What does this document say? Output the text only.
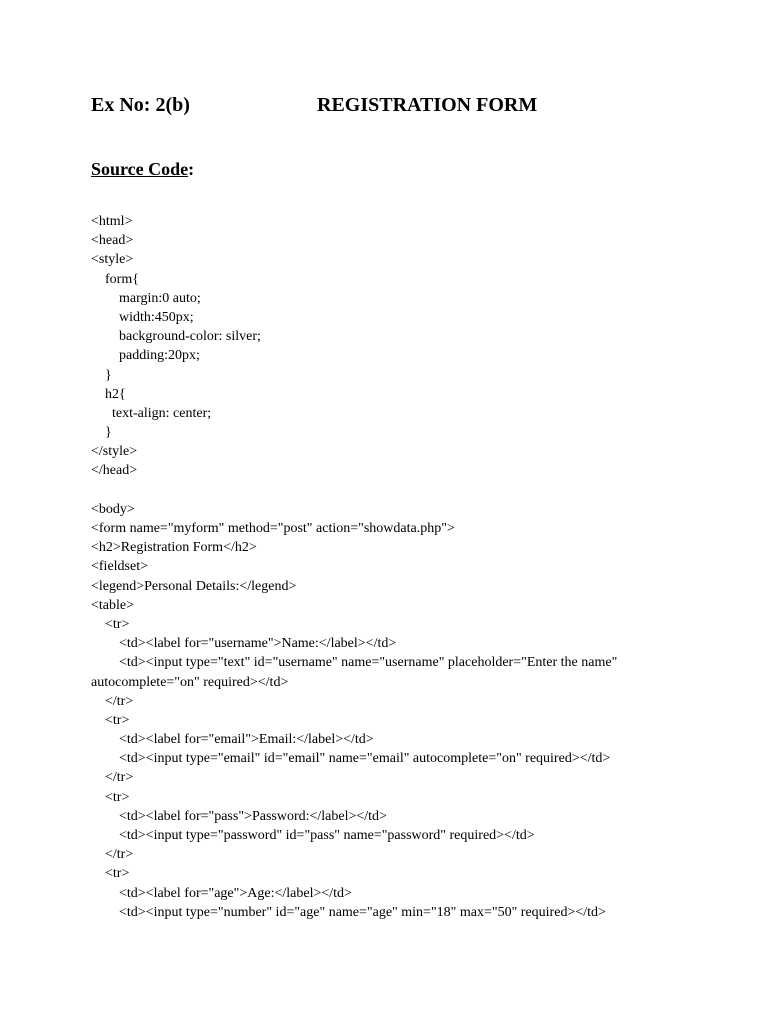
Ex No: 2(b)	REGISTRATION FORM
Source Code:
<html>
<head>
<style>
form{
margin:0 auto;
width:450px;
background-color: silver;
padding:20px;
}
h2{
text-align: center;
}
</style>
</head>
<body>
<form name="myform" method="post" action="showdata.php">
<h2>Registration Form</h2>
<fieldset>
<legend>Personal Details:</legend>
<table>
<tr>
<td><label for="username">Name:</label></td>
<td><input type="text" id="username" name="username" placeholder="Enter the name"
autocomplete="on" required></td>
</tr>
<tr>
<td><label for="email">Email:</label></td>
<td><input type="email" id="email" name="email" autocomplete="on" required></td>
</tr>
<tr>
<td><label for="pass">Password:</label></td>
<td><input type="password" id="pass" name="password" required></td>
</tr>
<tr>
<td><label for="age">Age:</label></td>
<td><input type="number" id="age" name="age" min="18" max="50" required></td>
